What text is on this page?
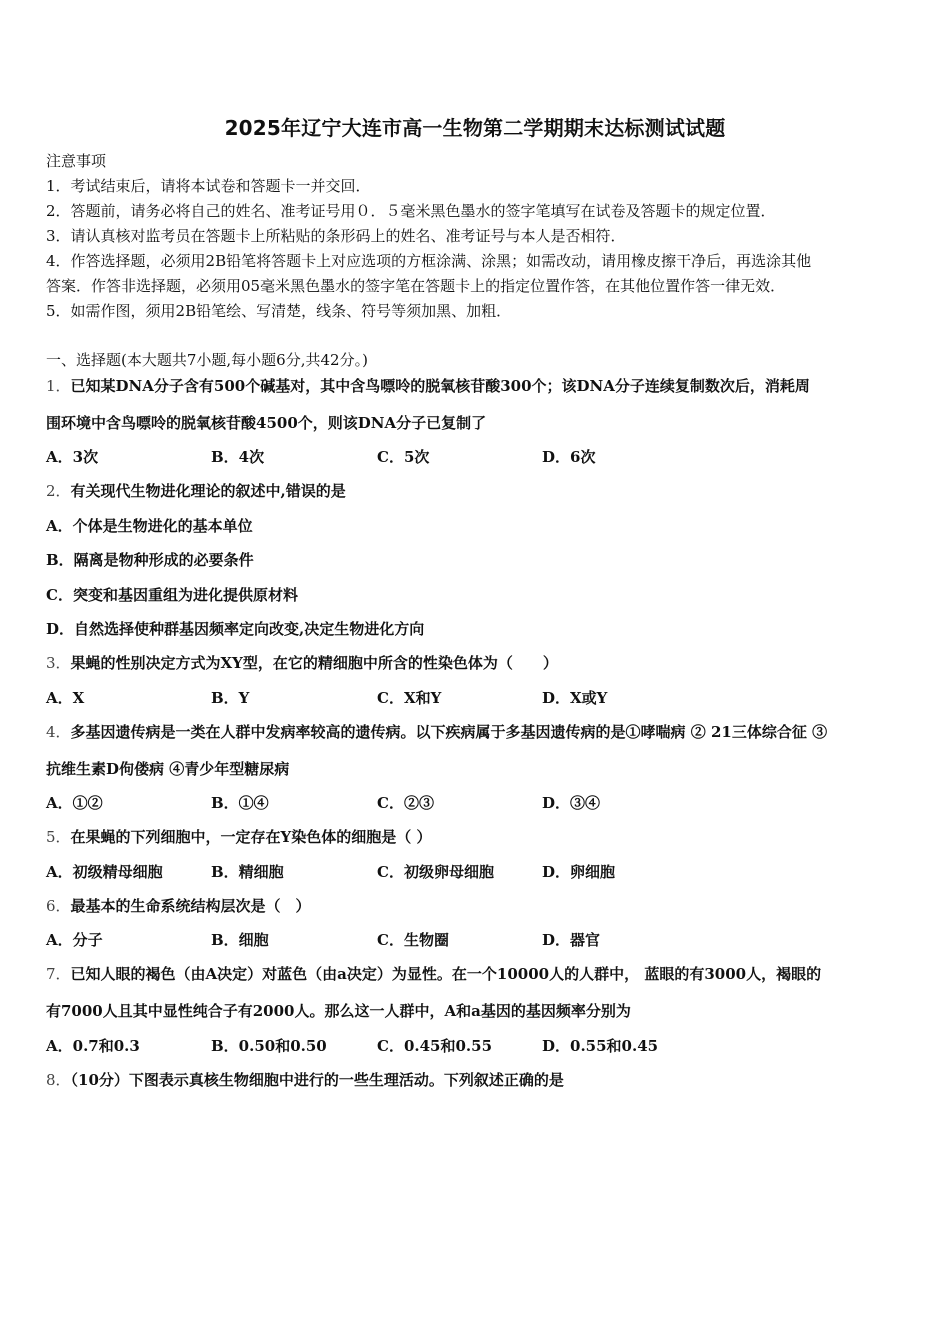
2025年辽宁大连市高一生物第二学期期末达标测试试题
注意事项
1．考试结束后，请将本试卷和答题卡一并交回．
2．答题前，请务必将自己的姓名、准考证号用０．５毫米黑色墨水的签字笔填写在试卷及答题卡的规定位置．
3．请认真核对监考员在答题卡上所粘贴的条形码上的姓名、准考证号与本人是否相符．
4．作答选择题，必须用2B铅笔将答题卡上对应选项的方框涂满、涂黑；如需改动，请用橡皮擦干净后，再选涂其他
答案．作答非选择题，必须用05毫米黑色墨水的签字笔在答题卡上的指定位置作答，在其他位置作答一律无效．
5．如需作图，须用2B铅笔绘、写清楚，线条、符号等须加黑、加粗．
一、选择题(本大题共7小题,每小题6分,共42分。)
1．已知某DNA分子含有500个碱基对，其中含鸟嘌呤的脱氧核苷酸300个；该DNA分子连续复制数次后，消耗周
围环境中含鸟嘌呤的脱氧核苷酸4500个，则该DNA分子已复制了
A．3次	B．4次	C．5次	D．6次
2．有关现代生物进化理论的叙述中,错误的是
A．个体是生物进化的基本单位
B．隔离是物种形成的必要条件
C．突变和基因重组为进化提供原材料
D．自然选择使种群基因频率定向改变,决定生物进化方向
3．果蝇的性别决定方式为XY型，在它的精细胞中所含的性染色体为（　　）
A．X	B．Y	C．X和Y	D．X或Y
4．多基因遗传病是一类在人群中发病率较高的遗传病。以下疾病属于多基因遗传病的是①哮喘病 ② 21三体综合征 ③
抗维生素D佝偻病 ④青少年型糖尿病
A．①②	B．①④	C．②③	D．③④
5．在果蝇的下列细胞中，一定存在Y染色体的细胞是（ ）
A．初级精母细胞	B．精细胞	C．初级卵母细胞	D．卵细胞
6．最基本的生命系统结构层次是（　）
A．分子	B．细胞	C．生物圈	D．器官
7．已知人眼的褐色（由A决定）对蓝色（由a决定）为显性。在一个10000人的人群中， 蓝眼的有3000人，褐眼的
有7000人且其中显性纯合子有2000人。那么这一人群中，A和a基因的基因频率分别为
A．0.7和0.3	B．0.50和0.50	C．0.45和0.55	D．0.55和0.45
8．（10分）下图表示真核生物细胞中进行的一些生理活动。下列叙述正确的是
